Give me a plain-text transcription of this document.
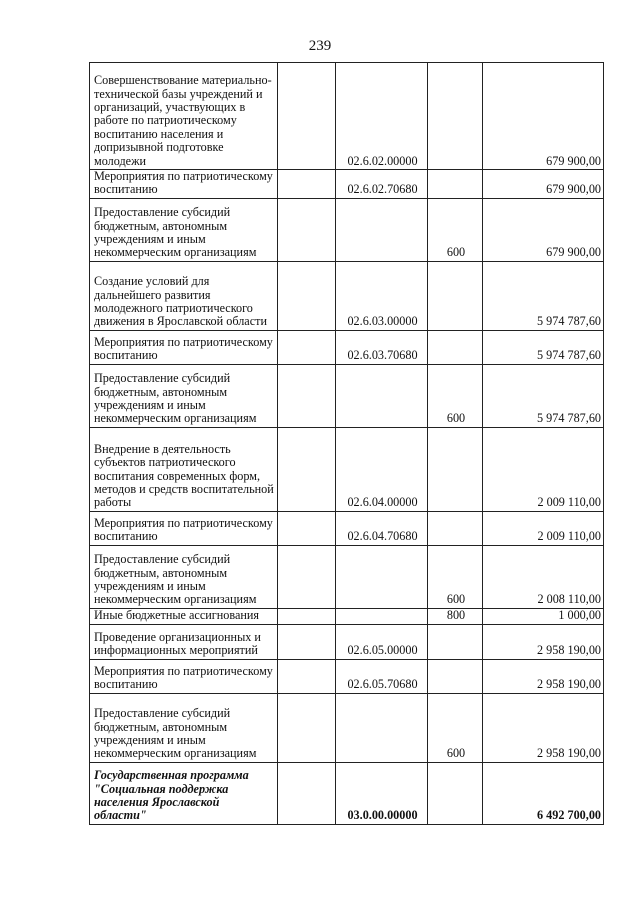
239
Совершенствование материально-технической базы учреждений и организаций, участвующих в работе по патриотическому воспитанию населения и допризывной подготовке молодежи		02.6.02.00000		679 900,00
Мероприятия по патриотическому воспитанию		02.6.02.70680		679 900,00
Предоставление субсидий бюджетным, автономным учреждениям и иным некоммерческим организациям			600	679 900,00
Создание условий для дальнейшего развития молодежного патриотического движения в Ярославской области		02.6.03.00000		5 974 787,60
Мероприятия по патриотическому воспитанию		02.6.03.70680		5 974 787,60
Предоставление субсидий бюджетным, автономным учреждениям и иным некоммерческим организациям			600	5 974 787,60
Внедрение в деятельность субъектов патриотического воспитания современных форм, методов и средств воспитательной работы		02.6.04.00000		2 009 110,00
Мероприятия по патриотическому воспитанию		02.6.04.70680		2 009 110,00
Предоставление субсидий бюджетным, автономным учреждениям и иным некоммерческим организациям			600	2 008 110,00
Иные бюджетные ассигнования			800	1 000,00
Проведение организационных и информационных мероприятий		02.6.05.00000		2 958 190,00
Мероприятия по патриотическому воспитанию		02.6.05.70680		2 958 190,00
Предоставление субсидий бюджетным, автономным учреждениям и иным некоммерческим организациям			600	2 958 190,00
Государственная программа "Социальная поддержка населения Ярославской области"		03.0.00.00000		6 492 700,00
